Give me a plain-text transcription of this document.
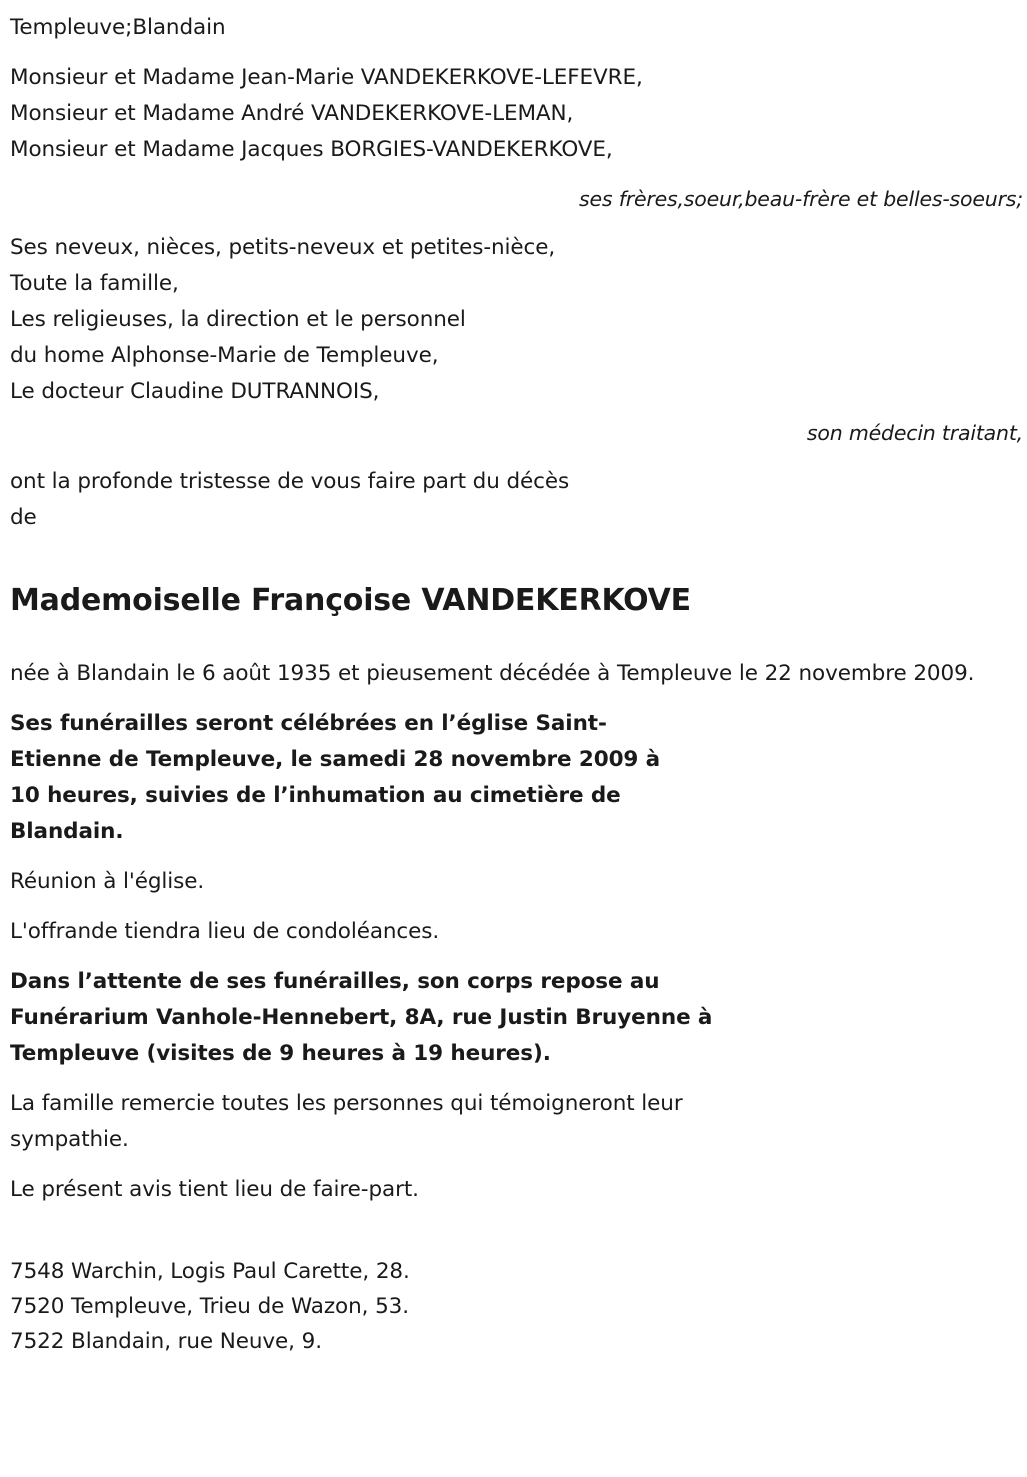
Templeuve;Blandain
Monsieur et Madame Jean-Marie VANDEKERKOVE-LEFEVRE,
Monsieur et Madame André VANDEKERKOVE-LEMAN,
Monsieur et Madame Jacques BORGIES-VANDEKERKOVE,
ses frères,soeur,beau-frère et belles-soeurs;
Ses neveux, nièces, petits-neveux et petites-nièce,
Toute la famille,
Les religieuses, la direction et le personnel
du home Alphonse-Marie de Templeuve,
Le docteur Claudine DUTRANNOIS,
son médecin traitant,
ont la profonde tristesse de vous faire part du décès
de
Mademoiselle Françoise VANDEKERKOVE
née à Blandain le 6 août 1935 et pieusement décédée à Templeuve le 22 novembre 2009.
Ses funérailles seront célébrées en l’église Saint-Etienne de Templeuve, le samedi 28 novembre 2009 à 10 heures, suivies de l’inhumation au cimetière de Blandain.
Réunion à l'église.
L'offrande tiendra lieu de condoléances.
Dans l’attente de ses funérailles, son corps repose au Funérarium Vanhole-Hennebert, 8A, rue Justin Bruyenne à Templeuve (visites de 9 heures à 19 heures).
La famille remercie toutes les personnes qui témoigneront leur sympathie.
Le présent avis tient lieu de faire-part.
7548 Warchin, Logis Paul Carette, 28.
7520 Templeuve, Trieu de Wazon, 53.
7522 Blandain, rue Neuve, 9.
